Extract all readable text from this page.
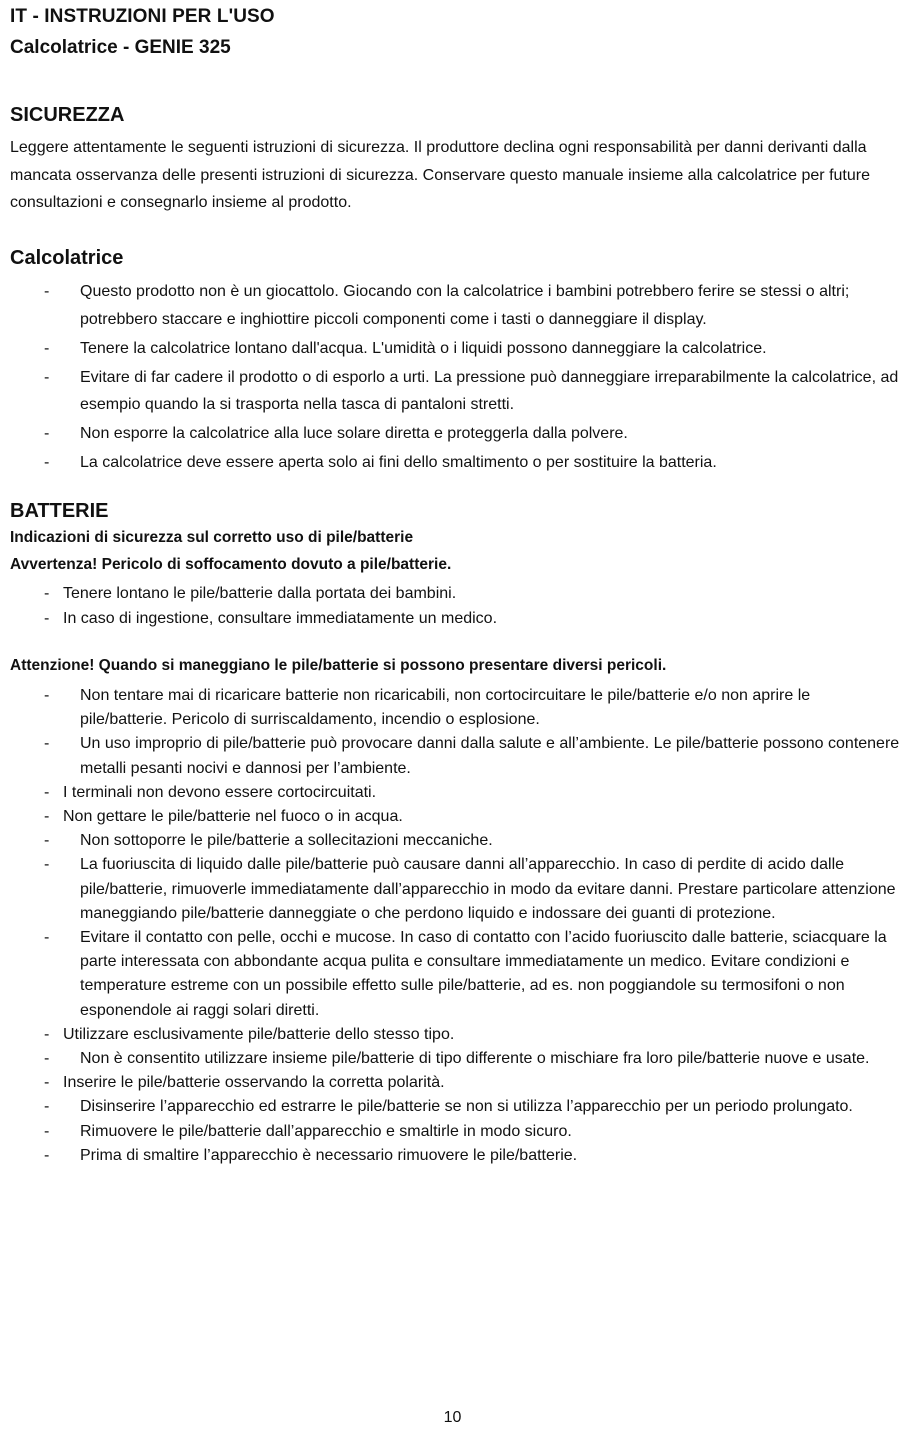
IT - INSTRUZIONI PER L'USO
Calcolatrice - GENIE 325
SICUREZZA
Leggere attentamente le seguenti istruzioni di sicurezza. Il produttore declina ogni responsabilità per danni derivanti dalla mancata osservanza delle presenti istruzioni di sicurezza. Conservare questo manuale insieme alla calcolatrice per future consultazioni e consegnarlo insieme al prodotto.
Calcolatrice
- Questo prodotto non è un giocattolo. Giocando con la calcolatrice i bambini potrebbero ferire se stessi o altri; potrebbero staccare e inghiottire piccoli componenti come i tasti o danneggiare il display.
- Tenere la calcolatrice lontano dall'acqua. L'umidità o i liquidi possono danneggiare la calcolatrice.
- Evitare di far cadere il prodotto o di esporlo a urti. La pressione può danneggiare irreparabilmente la calcolatrice, ad esempio quando la si trasporta nella tasca di pantaloni stretti.
- Non esporre la calcolatrice alla luce solare diretta e proteggerla dalla polvere.
- La calcolatrice deve essere aperta solo ai fini dello smaltimento o per sostituire la batteria.
BATTERIE
Indicazioni di sicurezza sul corretto uso di pile/batterie
Avvertenza! Pericolo di soffocamento dovuto a pile/batterie.
- Tenere lontano le pile/batterie dalla portata dei bambini.
- In caso di ingestione, consultare immediatamente un medico.
Attenzione! Quando si maneggiano le pile/batterie si possono presentare diversi pericoli.
- Non tentare mai di ricaricare batterie non ricaricabili, non cortocircuitare le pile/batterie e/o non aprire le pile/batterie. Pericolo di surriscaldamento, incendio o esplosione.
- Un uso improprio di pile/batterie può provocare danni dalla salute e all’ambiente. Le pile/batterie possono contenere metalli pesanti nocivi e dannosi per l’ambiente.
- I terminali non devono essere cortocircuitati.
- Non gettare le pile/batterie nel fuoco o in acqua.
- Non sottoporre le pile/batterie a sollecitazioni meccaniche.
- La fuoriuscita di liquido dalle pile/batterie può causare danni all’apparecchio. In caso di perdite di acido dalle pile/batterie, rimuoverle immediatamente dall’apparecchio in modo da evitare danni. Prestare particolare attenzione maneggiando pile/batterie danneggiate o che perdono liquido e indossare dei guanti di protezione.
- Evitare il contatto con pelle, occhi e mucose. In caso di contatto con l’acido fuoriuscito dalle batterie, sciacquare la parte interessata con abbondante acqua pulita e consultare immediatamente un medico. Evitare condizioni e temperature estreme con un possibile effetto sulle pile/batterie, ad es. non poggiandole su termosifoni o non esponendole ai raggi solari diretti.
- Utilizzare esclusivamente pile/batterie dello stesso tipo.
- Non è consentito utilizzare insieme pile/batterie di tipo differente o mischiare fra loro pile/batterie nuove e usate.
- Inserire le pile/batterie osservando la corretta polarità.
- Disinserire l’apparecchio ed estrarre le pile/batterie se non si utilizza l’apparecchio per un periodo prolungato.
- Rimuovere le pile/batterie dall’apparecchio e smaltirle in modo sicuro.
- Prima di smaltire l’apparecchio è necessario rimuovere le pile/batterie.
10
